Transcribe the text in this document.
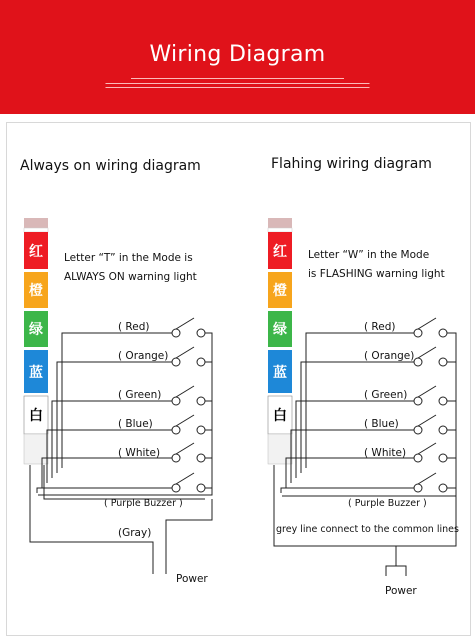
Wiring Diagram
▬▬▬▬▬▬▬▬▬▬▬▬▬▬▬▬▬▬▬▬▬▬▬▬▬▬▬▬▬▬▬▬▬▬▬▬▬▬▬▬▬▬▬▬▬▬▬▬▬▬▬▬▬▬▬▬▬▬▬▬▬▬▬▬▬▬▬▬▬▬▬
▬▬▬▬▬▬▬▬▬▬▬▬▬▬▬▬▬▬▬▬▬▬▬▬▬▬▬▬▬▬▬▬▬▬▬▬▬▬▬▬▬▬▬▬▬▬▬▬▬▬▬▬▬▬▬▬▬▬▬▬▬▬▬▬▬▬▬▬▬▬▬▬▬▬▬▬▬▬▬▬▬▬▬▬▬▬▬▬
▬▬▬▬▬▬▬▬▬▬▬▬▬▬▬▬▬▬▬▬▬▬▬▬▬▬▬▬▬▬▬▬▬▬▬▬▬▬▬▬▬▬▬▬▬▬▬▬▬▬▬▬▬▬▬▬▬▬▬▬▬▬▬▬▬▬▬▬▬▬▬▬▬▬▬▬▬▬▬▬▬▬▬▬▬▬▬▬
Always on wiring diagram
红
橙
绿
蓝
白
Letter “T” in the Mode is
ALWAYS ON warning light
( Red)
( Orange)
( Green)
( Blue)
( White)
( Purple Buzzer )
(Gray)
Power
Flahing wiring diagram
红
橙
绿
蓝
白
Letter “W” in the Mode
is FLASHING warning light
( Red)
( Orange)
( Green)
( Blue)
( White)
( Purple Buzzer )
grey line connect to the common lines
Power
